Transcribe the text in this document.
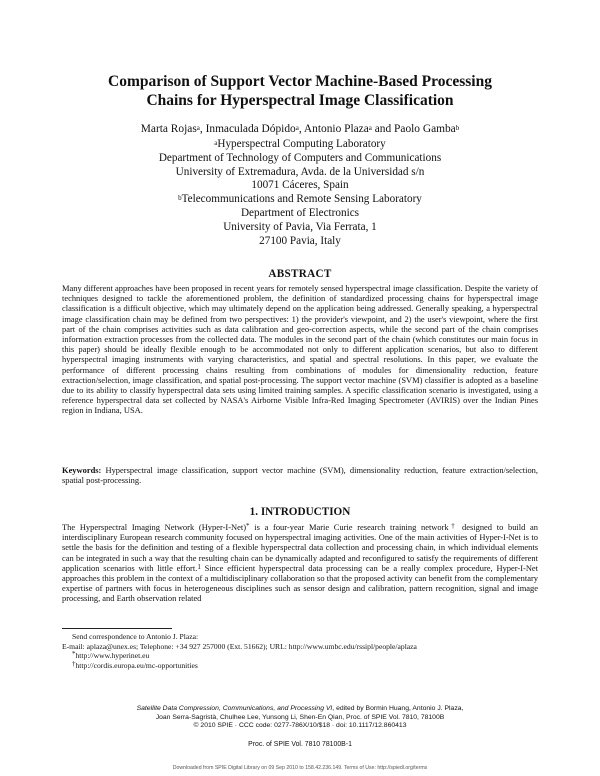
Comparison of Support Vector Machine-Based Processing
Chains for Hyperspectral Image Classification
Marta Rojas$^a$, Inmaculada Dópido$^a$, Antonio Plaza$^a$ and Paolo Gamba$^b$
$^a$Hyperspectral Computing Laboratory
Department of Technology of Computers and Communications
University of Extremadura, Avda. de la Universidad s/n
10071 Cáceres, Spain
$^b$Telecommunications and Remote Sensing Laboratory
Department of Electronics
University of Pavia, Via Ferrata, 1
27100 Pavia, Italy
ABSTRACT
Many different approaches have been proposed in recent years for remotely sensed hyperspectral image classification. Despite the variety of techniques designed to tackle the aforementioned problem, the definition of standardized processing chains for hyperspectral image classification is a difficult objective, which may ultimately depend on the application being addressed. Generally speaking, a hyperspectral image classification chain may be defined from two perspectives: 1) the provider's viewpoint, and 2) the user's viewpoint, where the first part of the chain comprises activities such as data calibration and geo-correction aspects, while the second part of the chain comprises information extraction processes from the collected data. The modules in the second part of the chain (which constitutes our main focus in this paper) should be ideally flexible enough to be accommodated not only to different application scenarios, but also to different hyperspectral imaging instruments with varying characteristics, and spatial and spectral resolutions. In this paper, we evaluate the performance of different processing chains resulting from combinations of modules for dimensionality reduction, feature extraction/selection, image classification, and spatial post-processing. The support vector machine (SVM) classifier is adopted as a baseline due to its ability to classify hyperspectral data sets using limited training samples. A specific classification scenario is investigated, using a reference hyperspectral data set collected by NASA's Airborne Visible Infra-Red Imaging Spectrometer (AVIRIS) over the Indian Pines region in Indiana, USA.
Keywords: Hyperspectral image classification, support vector machine (SVM), dimensionality reduction, feature extraction/selection, spatial post-processing.
1. INTRODUCTION
The Hyperspectral Imaging Network (Hyper-I-Net)* is a four-year Marie Curie research training network† designed to build an interdisciplinary European research community focused on hyperspectral imaging activities. One of the main activities of Hyper-I-Net is to settle the basis for the definition and testing of a flexible hyperspectral data collection and processing chain, in which individual elements can be integrated in such a way that the resulting chain can be dynamically adapted and reconfigured to satisfy the requirements of different application scenarios with little effort.$^1$ Since efficient hyperspectral data processing can be a really complex procedure, Hyper-I-Net approaches this problem in the context of a multidisciplinary collaboration so that the proposed activity can benefit from the complementary expertise of partners with focus in heterogeneous disciplines such as sensor design and calibration, pattern recognition, signal and image processing, and Earth observation related
Send correspondence to Antonio J. Plaza:
E-mail: aplaza@unex.es; Telephone: +34 927 257000 (Ext. 51662); URL: http://www.umbc.edu/rssipl/people/aplaza
*http://www.hyperinet.eu
†http://cordis.europa.eu/mc-opportunities
Satellite Data Compression, Communications, and Processing VI, edited by Bormin Huang, Antonio J. Plaza,
Joan Serra-Sagristà, Chulhee Lee, Yunsong Li, Shen-En Qian, Proc. of SPIE Vol. 7810, 78100B
© 2010 SPIE · CCC code: 0277-786X/10/$18 · doi: 10.1117/12.860413
Proc. of SPIE Vol. 7810 78100B-1
Downloaded from SPIE Digital Library on 09 Sep 2010 to 158.42.236.149. Terms of Use: http://spiedl.org/terms
